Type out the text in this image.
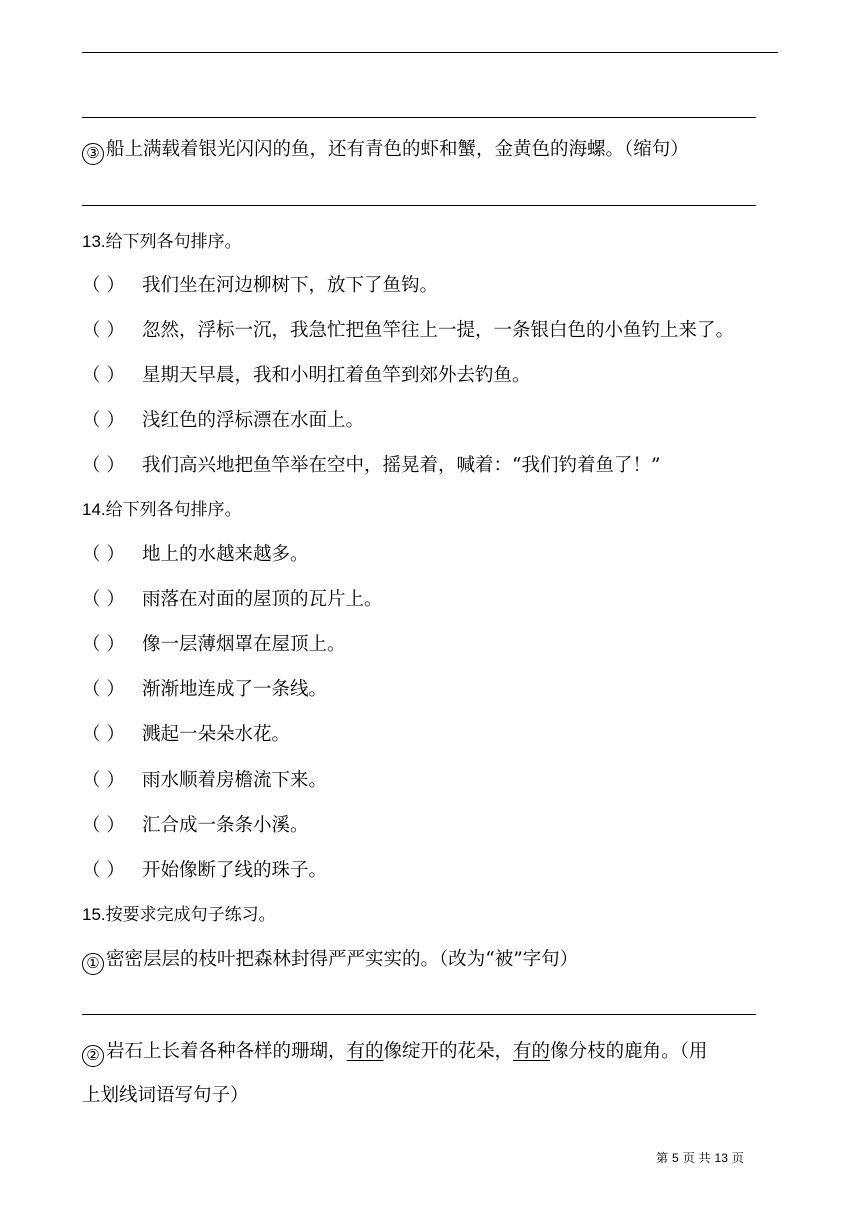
③ 船上满载着银光闪闪的鱼，还有青色的虾和蟹，金黄色的海螺。（缩句）
13.给下列各句排序。
（ ） 我们坐在河边柳树下，放下了鱼钩。
（ ） 忽然，浮标一沉，我急忙把鱼竿往上一提，一条银白色的小鱼钓上来了。
（ ） 星期天早晨，我和小明扛着鱼竿到郊外去钓鱼。
（ ） 浅红色的浮标漂在水面上。
（ ） 我们高兴地把鱼竿举在空中，摇晃着，喊着：“我们钓着鱼了！”
14.给下列各句排序。
（ ） 地上的水越来越多。
（ ） 雨落在对面的屋顶的瓦片上。
（ ） 像一层薄烟罩在屋顶上。
（ ） 渐渐地连成了一条线。
（ ） 溅起一朵朵水花。
（ ） 雨水顺着房檐流下来。
（ ） 汇合成一条条小溪。
（ ） 开始像断了线的珠子。
15.按要求完成句子练习。
① 密密层层的枝叶把森林封得严严实实的。（改为“被”字句）
② 岩石上长着各种各样的珊瑚，有的像绽开的花朵，有的像分枝的鹿角。（用
上划线词语写句子）
第 5 页 共 13 页
